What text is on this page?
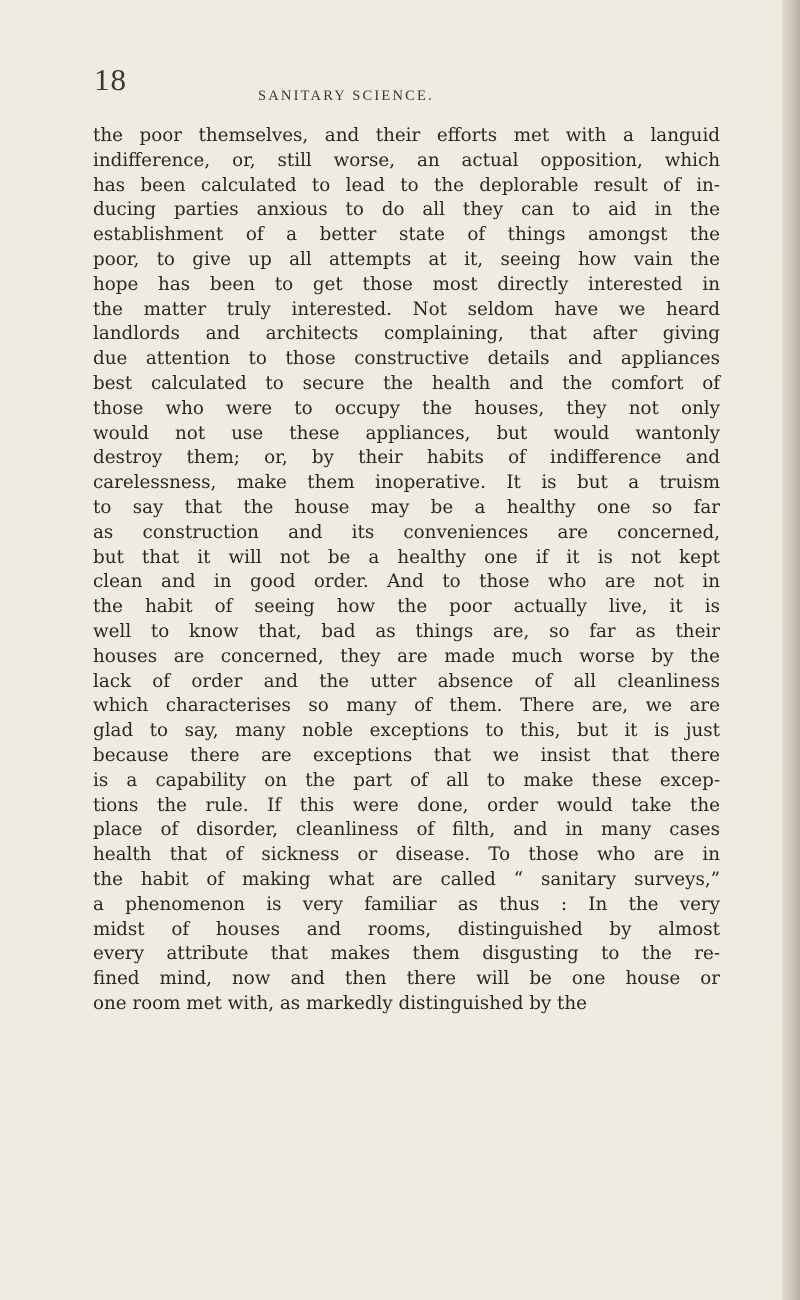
18	SANITARY SCIENCE.
the poor themselves, and their efforts met with a languid
indifference, or, still worse, an actual opposition, which
has been calculated to lead to the deplorable result of in-
ducing parties anxious to do all they can to aid in the
establishment of a better state of things amongst the
poor, to give up all attempts at it, seeing how vain the
hope has been to get those most directly interested in
the matter truly interested. Not seldom have we heard
landlords and architects complaining, that after giving
due attention to those constructive details and appliances
best calculated to secure the health and the comfort of
those who were to occupy the houses, they not only
would not use these appliances, but would wantonly
destroy them; or, by their habits of indifference and
carelessness, make them inoperative. It is but a truism
to say that the house may be a healthy one so far
as construction and its conveniences are concerned,
but that it will not be a healthy one if it is not kept
clean and in good order. And to those who are not in
the habit of seeing how the poor actually live, it is
well to know that, bad as things are, so far as their
houses are concerned, they are made much worse by the
lack of order and the utter absence of all cleanliness
which characterises so many of them. There are, we are
glad to say, many noble exceptions to this, but it is just
because there are exceptions that we insist that there
is a capability on the part of all to make these excep-
tions the rule. If this were done, order would take the
place of disorder, cleanliness of filth, and in many cases
health that of sickness or disease. To those who are in
the habit of making what are called “ sanitary surveys,”
a phenomenon is very familiar as thus : In the very
midst of houses and rooms, distinguished by almost
every attribute that makes them disgusting to the re-
fined mind, now and then there will be one house or
one room met with, as markedly distinguished by the
